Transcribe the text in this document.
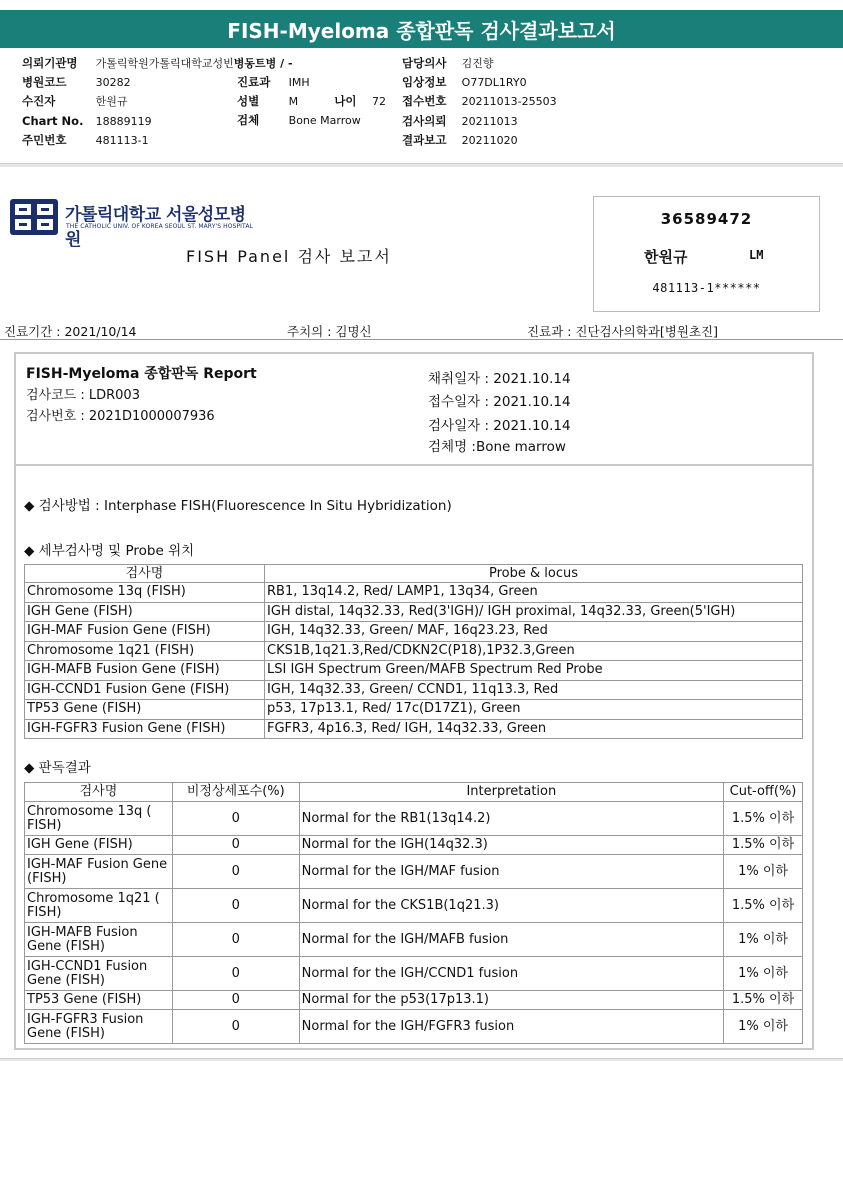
FISH-Myeloma 종합판독 검사결과보고서
의뢰기관명 가톨릭학원가톨릭대학교성빈병동트병 / -	담당의사 김진향
병원코드	30282	진료과 IMH	임상정보 O77DL1RY0
수진자	한원규	성별	M	나이 72 접수번호 20211013-25503
Chart No. 18889119	검체	Bone Marrow	검사의뢰 20211013
주민번호	481113-1	결과보고 20211020
가톨릭대학교 서울성모병원
THE CATHOLIC UNIV. OF KOREA SEOUL ST. MARY'S HOSPITAL
FISH Panel 검사 보고서
36589472
한원규	LM
481113-1******
진료기간 : 2021/10/14	주치의 : 김명신	진료과 : 진단검사의학과[병원초진]
FISH-Myeloma 종합판독 Report
검사코드 : LDR003
검사번호 : 2021D1000007936
채취일자 : 2021.10.14
접수일자 : 2021.10.14
검사일자 : 2021.10.14
검체명 :Bone marrow
◆ 검사방법 : Interphase FISH(Fluorescence In Situ Hybridization)
◆ 세부검사명 및 Probe 위치
검사명	Probe & locus
Chromosome 13q (FISH)	RB1, 13q14.2, Red/ LAMP1, 13q34, Green
IGH Gene (FISH)	IGH distal, 14q32.33, Red(3'IGH)/ IGH proximal, 14q32.33, Green(5'IGH)
IGH-MAF Fusion Gene (FISH)	IGH, 14q32.33, Green/ MAF, 16q23.23, Red
Chromosome 1q21 (FISH)	CKS1B,1q21.3,Red/CDKN2C(P18),1P32.3,Green
IGH-MAFB Fusion Gene (FISH)	LSI IGH Spectrum Green/MAFB Spectrum Red Probe
IGH-CCND1 Fusion Gene (FISH)	IGH, 14q32.33, Green/ CCND1, 11q13.3, Red
TP53 Gene (FISH)	p53, 17p13.1, Red/ 17c(D17Z1), Green
IGH-FGFR3 Fusion Gene (FISH)	FGFR3, 4p16.3, Red/ IGH, 14q32.33, Green
◆ 판독결과
검사명	비정상세포수(%)	Interpretation	Cut-off(%)
Chromosome 13q ( FISH)	0	Normal for the RB1(13q14.2)	1.5% 이하
IGH Gene (FISH)	0	Normal for the IGH(14q32.3)	1.5% 이하
IGH-MAF Fusion Gene (FISH)	0	Normal for the IGH/MAF fusion	1% 이하
Chromosome 1q21 ( FISH)	0	Normal for the CKS1B(1q21.3)	1.5% 이하
IGH-MAFB Fusion Gene (FISH)	0	Normal for the IGH/MAFB fusion	1% 이하
IGH-CCND1 Fusion Gene (FISH)	0	Normal for the IGH/CCND1 fusion	1% 이하
TP53 Gene (FISH)	0	Normal for the p53(17p13.1)	1.5% 이하
IGH-FGFR3 Fusion Gene (FISH)	0	Normal for the IGH/FGFR3 fusion	1% 이하
